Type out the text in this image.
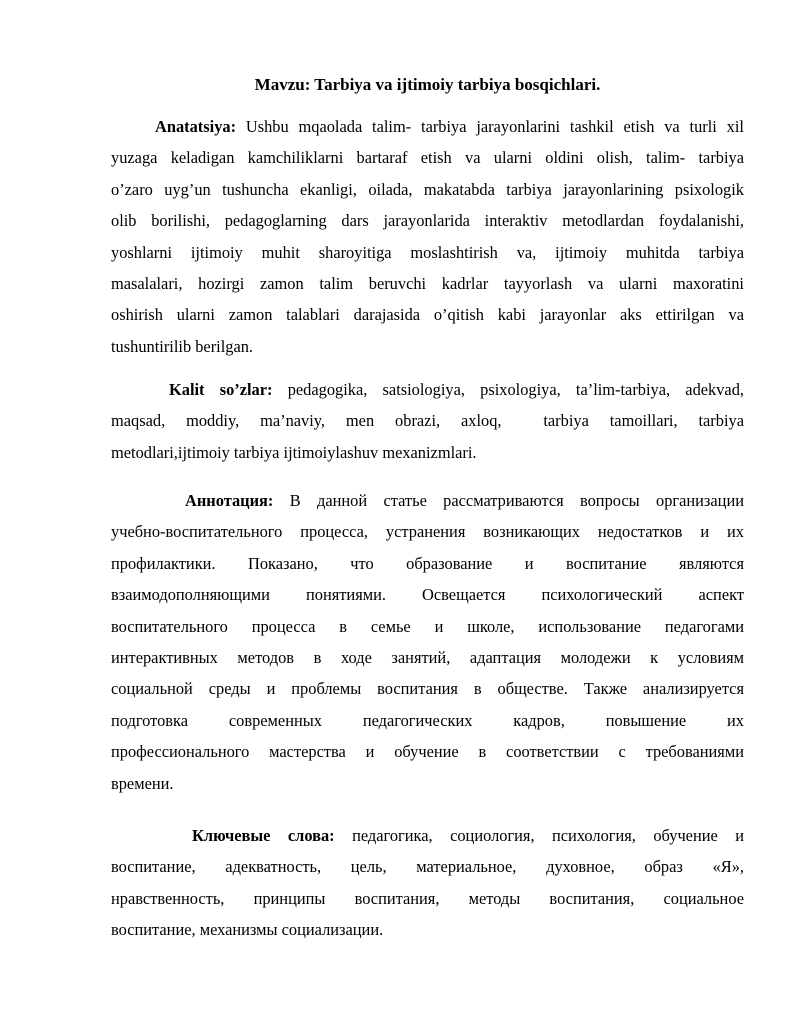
Mavzu: Tarbiya va ijtimoiy tarbiya bosqichlari.
Anatatsiya: Ushbu mqaolada talim- tarbiya jarayonlarini tashkil etish va turli xil
yuzaga keladigan kamchiliklarni bartaraf etish va ularni oldini olish, talim- tarbiya
o’zaro uyg’un tushuncha ekanligi, oilada, makatabda tarbiya jarayonlarining psixologik
olib borilishi, pedagoglarning dars jarayonlarida interaktiv metodlardan foydalanishi,
yoshlarni ijtimoiy muhit sharoyitiga moslashtirish va, ijtimoiy muhitda tarbiya
masalalari, hozirgi zamon talim beruvchi kadrlar tayyorlash va ularni maxoratini
oshirish ularni zamon talablari darajasida o’qitish kabi jarayonlar aks ettirilgan va
tushuntirilib berilgan.
Kalit so’zlar: pedagogika, satsiologiya, psixologiya, ta’lim-tarbiya, adekvad,
maqsad, moddiy, ma’naviy, men obrazi, axloq,  tarbiya tamoillari, tarbiya
metodlari,ijtimoiy tarbiya ijtimoiylashuv mexanizmlari.
Аннотация: В данной статье рассматриваются вопросы организации
учебно-воспитательного процесса, устранения возникающих недостатков и их
профилактики. Показано, что образование и воспитание являются
взаимодополняющими понятиями. Освещается психологический аспект
воспитательного процесса в семье и школе, использование педагогами
интерактивных методов в ходе занятий, адаптация молодежи к условиям
социальной среды и проблемы воспитания в обществе. Также анализируется
подготовка современных педагогических кадров, повышение их
профессионального мастерства и обучение в соответствии с требованиями
времени.
Ключевые слова: педагогика, социология, психология, обучение и
воспитание, адекватность, цель, материальное, духовное, образ «Я»,
нравственность, принципы воспитания, методы воспитания, социальное
воспитание, механизмы социализации.
